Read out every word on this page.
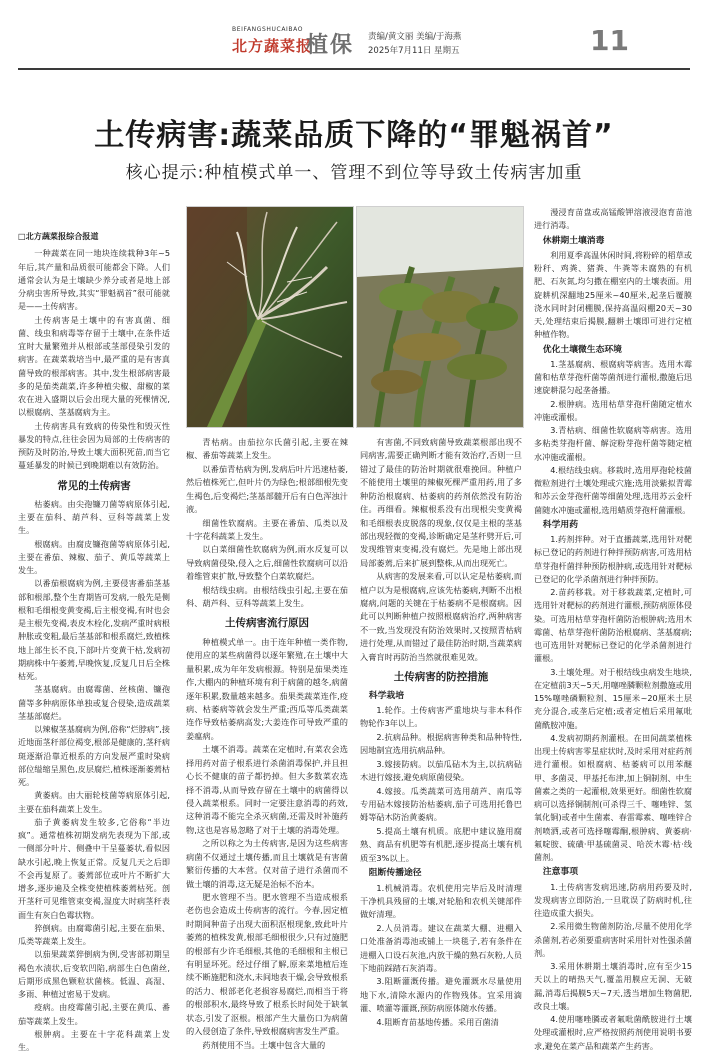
BEIFANGSHUCAIBAO
北方蔬菜报
植保 责编/黄文丽 美编/于海燕
2025年7月11日 星期五	11
土传病害:蔬菜品质下降的“罪魁祸首”
核心提示:种植模式单一、管理不到位等导致土传病害加重

□北方蔬菜报综合报道

一种蔬菜在同一地块连续栽种3年~5年后,其产量和品质很可能都会下降。人们通常会认为是土壤缺少养分或者是地上部分病虫害所导致,其实“罪魁祸首”很可能就是——土传病害。

土传病害是土壤中的有害真菌、细菌、线虫和病毒等存留于土壤中,在条件适宜时大量繁殖并从根部或茎部侵染引发的病害。在蔬菜栽培当中,最严重的是有害真菌导致的根部病害。其中,发生根部病害最多的是茄类蔬菜,许多种植尖椒、甜椒的菜农在进入盛期以后会出现大量的死棵情况,以根腐病、茎基腐病为主。

土传病害具有致病的传染性和毁灭性暴发的特点,往往会因为局部的土传病害的预防及时防治,导致土壤大面积死苗,而当它蔓延暴发的时候已到晚期难以有效防治。

常见的土传病害

枯萎病。由尖孢镰刀菌等病原体引起,主要在茄科、葫芦科、豆科等蔬菜上发生。

根腐病。由腐皮镰孢菌等病原体引起,主要在番茄、辣椒、茄子、黄瓜等蔬菜上发生。

以番茄根腐病为例,主要侵害番茄茎基部和根部,整个生育期皆可发病,一般先是侧根和毛细根变黄变褐,后主根变褐,有时也会是主根先变褐,表皮木栓化,发病严重时病根肿胀或变粗,最后茎基部和根系腐烂,致植株地上部生长不良,下部叶片变黄干枯,发病初期病株中午萎蔫,早晚恢复,反复几日后全株枯死。

茎基腐病。由腐霉菌、丝核菌、镰孢菌等多种病原体单独或复合侵染,造成蔬菜茎基部腐烂。

以辣椒茎基腐病为例,俗称“烂脖病”,接近地面茎秆部位褐变,根部是健康的,茎秆病斑逐渐沿靠近根系的方向发展严重时染病部位缢缩呈黑色,皮层腐烂,植株逐渐萎蔫枯死。

黄萎病。由大丽轮枝菌等病原体引起,主要在茄科蔬菜上发生。

茄子黄萎病发生较多,它俗称“半边疯”。通常植株初期发病先表现为下部,或一侧部分叶片、侧叠中干呈蔓萎状,看似因缺水引起,晚上恢复正常。反复几天之后即不会再复原了。萎蔫部位或叶片不断扩大增多,逐步遍及全株变使植株萎蔫枯死。剖开茎秆可见维管束变褐,湿度大时病茎秆表面生有灰白色霉状物。

猝倒病。由腐霉菌引起,主要在茄果、瓜类等蔬菜上发生。

以茄果蔬菜猝倒病为例,受害部初期呈褐色水渍状,后变软凹陷,病部生白色菌丝,后期形成黑色颗粒状菌核。低温、高湿、多雨、种植过密易于发病。

疫病。由疫霉菌引起,主要在黄瓜、番茄等蔬菜上发生。

根肿病。主要在十字花科蔬菜上发生。

青枯病。由茄拉尔氏菌引起,主要在辣椒、番茄等蔬菜上发生。

以番茄青枯病为例,发病后叶片迅速枯萎,然后植株死亡,但叶片仍为绿色;根部细根先变生褐色,后变褐烂;茎基部髓开后有白色浑浊汁液。

细菌性软腐病。主要在番茄、瓜类以及十字花科蔬菜上发生。

以白菜细菌性软腐病为例,雨水反复可以导致病菌侵染,侵入之后,细菌性软腐病可以沿着维管束扩散,导致整个白菜软腐烂。

根结线虫病。由根结线虫引起,主要在茄科、葫芦科、豆科等蔬菜上发生。

土传病害流行原因

种植模式单一。由于连年种植一类作物,使用应的某些病菌得以逐年繁殖,在土壤中大量积累,成为年年发病根源。特别是茄果类连作,大棚内的种植环境有利于病菌的越冬,病菌逐年积累,数量越来越多。茄果类蔬菜连作,疫病、枯萎病等就会发生严重;西瓜等瓜类蔬菜连作导致枯萎病高发;大姜连作可导致严重的姜瘟病。

土壤不消毒。蔬菜在定植时,有菜农会选择用药对苗子根系进行杀菌消毒保护,并且担心长不健康的苗子都扔掉。但大多数菜农选择不消毒,从而导致存留在土壤中的病菌得以侵入蔬菜根系。同时一定要注意消毒的药效,这种消毒不能完全杀灭病菌,还需及时补施药物,这也是容易忽略了对于土壤的消毒处理。

之所以称之为土传病害,是因为这些病害病菌不仅通过土壤传播,而且土壤就是有害菌繁衍传播的大本营。仅对苗子进行杀菌而不做土壤的消毒,这无疑是治标不治本。

肥水管理不当。肥水管理不当造成根系老伤也会造成土传病害的流行。今春,因定植时期间种苗子出现大面积沤根现象,致此叶片萎蔫的植株发黄,根部毛细根很少,只有过施肥的根部有少许毛细根,其他的毛细根和主根已有明显坏死。经过仔细了解,原来菜地植后连续不断施肥和浇水,未间地表干燥,会导致根系的活力、根部老化老损容易腐烂,而相当于将的根部积水,最终导致了根系长时间处于缺氧状态,引发了沤根。根部产生大量伤口为病菌的入侵创造了条件,导致根腐病害发生严重。

药剂使用不当。土壤中包含大量的

有害菌,不同致病菌导致蔬菜根部出现不同病害,需要正确判断才能有效治疗,否则一旦错过了最佳的防治时期就很难挽回。种植户不能使用土壤里的辣椒死棵严重用药,用了多种防治根腐病、枯萎病的药剂依然没有防治住。再细看。辣椒根系没有出现根尖变黄褐和毛细根表皮脱落的现象,仅仅是主根的茎基部出现轻微的变褐,诊断确定是茎秆劈开后,可发现维管束变褐,没有腐烂。先是地上部出现局部萎蔫,后来扩展到整株,从而出现死亡。

从病害的发展来看,可以认定是枯萎病,而植户以为是根腐病,应该先枯萎病,判断不出根腐病,问题的关键在于枯萎病不是根腐病。因此可以判断种植户按照根腐病治疗,两种病害不一致,当发现没有防治效果时,又按照青枯病进行处理,从而错过了最佳防治时期,当蔬菜病入膏肓时再防治当然就很难见效。

土传病害的防控措施
科学栽培

1.轮作。土传病害严重地块与非本科作物轮作3年以上。

2.抗病品种。根据病害种类和品种特性,因地制宜选用抗病品种。

3.嫁接防病。以茄瓜砧木为主,以抗病砧木进行嫁接,避免病原菌侵染。

4.嫁接。瓜类蔬菜可选用葫芦、南瓜等专用砧木嫁接防治枯萎病,茄子可选用托鲁巴姆等砧木防治黄萎病。

5.提高土壤有机质。底肥中建议施用腐熟、商品有机肥等有机肥,逐步提高土壤有机质至3%以上。

阻断传播途径

1.机械消毒。农机使用完毕后及时清理干净机具残留的土壤,对轮胎和农机关键部件做好清理。

2.人员消毒。建议在蔬菜大棚、进棚入口处准备消毒池或铺上一块毯子,若有条件在进棚入口设石灰池,内放干燥的熟石灰粉,人员下地前踩踏石灰消毒。

3.阻断灌溉传播。避免灌溉水尽量使用地下水,清除水源内的作物残体。宜采用滴灌、喷灌等灌溉,预防病原体随水传播。

4.阻断育苗基地传播。采用百菌清

漫浸育苗盘或高锰酸钾溶液浸泡育苗池进行消毒。

休耕期土壤消毒

利用夏季高温休闲时间,将粉碎的稻草或粉秆、鸡粪、猪粪、牛粪等未腐熟的有机肥、石灰氮,均匀撒在棚室内的土壤表面。用旋耕机深翻地25厘米~40厘米,起垄后覆膜浇水同时封闭棚膜,保持高温闷棚20天~30天,处理结束后揭膜,翻耕土壤即可进行定植种植作物。

优化土壤微生态环境

1.茎基腐病、根腐病等病害。选用木霉菌和枯草芽孢杆菌等菌剂进行灌根,撒施后迅速旋耕混匀起垄备播。

2.根肿病。选用枯草芽孢杆菌随定植水冲施或灌根。

3.青枯病、细菌性软腐病等病害。选用多粘类芽孢杆菌、解淀粉芽孢杆菌等随定植水冲施或灌根。

4.根结线虫病。移栽时,选用厚孢轮枝菌微粒剂进行土壤处理或穴施;选用淡紫拟青霉和苏云金芽孢杆菌等细菌处理,选用苏云金杆菌随水冲施或灌根,选用蜡质芽孢杆菌灌根。

科学用药

1.药剂拌种。对于直播蔬菜,选用针对靶标已登记的药剂进行种拌预防病害,可选用枯草芽孢杆菌拌种预防根肿病,或选用针对靶标已登记的化学杀菌剂进行种拌预防。

2.苗药移栽。对于移栽蔬菜,定植时,可选用针对靶标的药剂进行灌根,预防病原体侵染。可选用枯草芽孢杆菌防治根肿病;选用木霉菌、枯草芽孢杆菌防治根腐病、茎基腐病;也可选用针对靶标已登记的化学杀菌剂进行灌根。

3.土壤处理。对于根结线虫病发生地块,在定植前3天~5天,用噻唑膦颗粒剂撒施或用15%噻唑磷颗粒剂、15厘米~20厘米土层充分混合,或垄后定植;或者定植后采用氟吡菌酰胺冲施。

4.发病初期药剂灌根。在田间蔬菜植株出现土传病害零星症状时,及时采用对症药剂进行灌根。如根腐病、枯萎病可以用苯醚甲、多菌灵、甲基托布津,加上铜制剂、中生菌素之类的一起灌根,效果更好。细菌性软腐病可以选择铜制剂(可杀得三千、噻唑锌、氢氧化铜)或者中生菌素、春雷霉素、噻唑锌合剂喷洒,或者可选择噻霉酮,根肿病、黄萎病·氟啶胺、硫磺·甲基硫菌灵、哈茨木霉·枯·线菌剂。

注意事项

1.土传病害发病迅速,防病用药要及时,发现病害立即防治,一旦耽误了防病时机,往往造成重大损失。

2.采用微生物菌剂防治,尽量不使用化学杀菌剂,若必须要重病害时采用针对性强杀菌剂。

3.采用休耕期土壤消毒时,应有至少15天以上的晴热天气,覆盖用膜应无洞、无破漏,消毒后揭膜5天~7天,透当增加生物菌肥,改良土壤。

4.使用噻唑膦或者氟吡菌酰胺进行土壤处理或灌根时,应严格按照药剂使用说明书要求,避免在菜产品和蔬菜产生药害。
